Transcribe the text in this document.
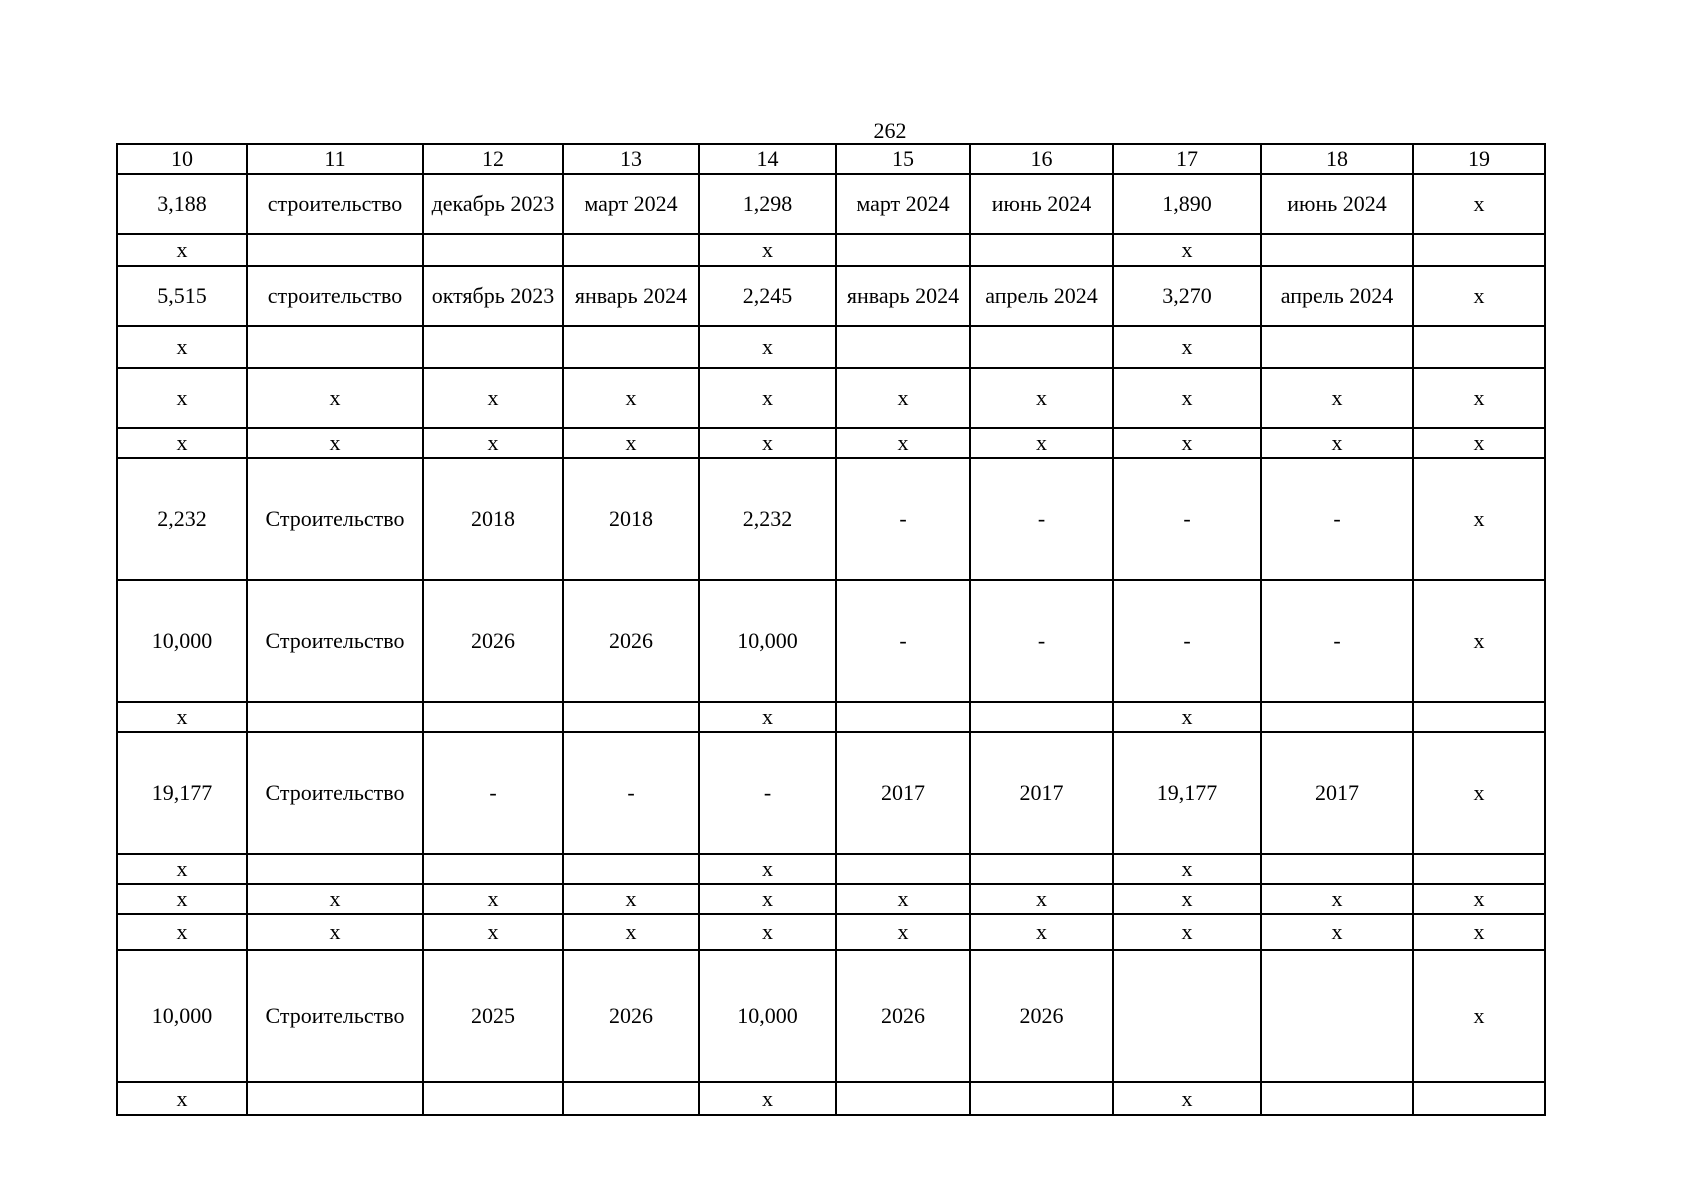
262
10	11	12	13	14	15	16	17	18	19
3,188	строительство	декабрь 2023	март 2024	1,298	март 2024	июнь 2024	1,890	июнь 2024	х
х				х			х		
5,515	строительство	октябрь 2023	январь 2024	2,245	январь 2024	апрель 2024	3,270	апрель 2024	х
х				х			х		
х	х	х	х	х	х	х	х	х	х
х	х	х	х	х	х	х	х	х	х
2,232	Строительство	2018	2018	2,232	-	-	-	-	х
10,000	Строительство	2026	2026	10,000	-	-	-	-	х
х				х			х		
19,177	Строительство	-	-	-	2017	2017	19,177	2017	х
х				х			х		
х	х	х	х	х	х	х	х	х	х
х	х	х	х	х	х	х	х	х	х
10,000	Строительство	2025	2026	10,000	2026	2026			х
х				х			х		
